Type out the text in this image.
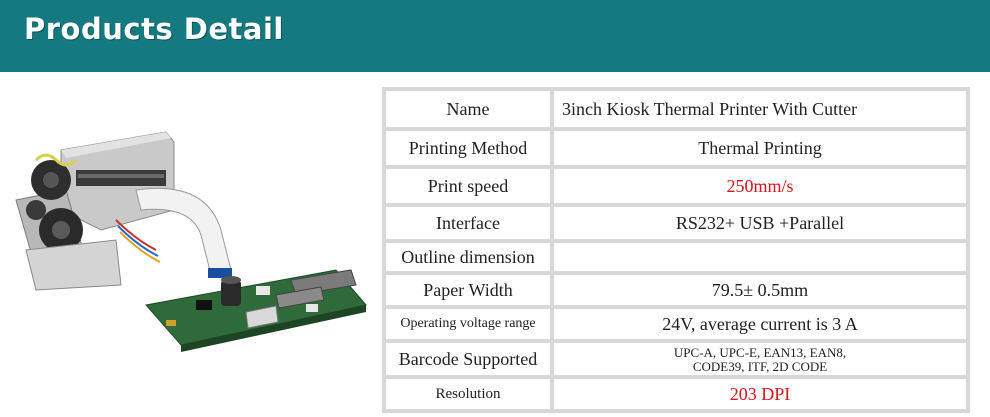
Products Detail
Name	3inch Kiosk Thermal Printer With Cutter
Printing Method	Thermal Printing
Print speed	250mm/s
Interface	RS232+ USB +Parallel
Outline dimension	
Paper Width	79.5± 0.5mm
Operating voltage range	24V, average current is 3 A
Barcode Supported	UPC-A, UPC-E, EAN13, EAN8,
CODE39, ITF, 2D CODE

Resolution	203 DPI
